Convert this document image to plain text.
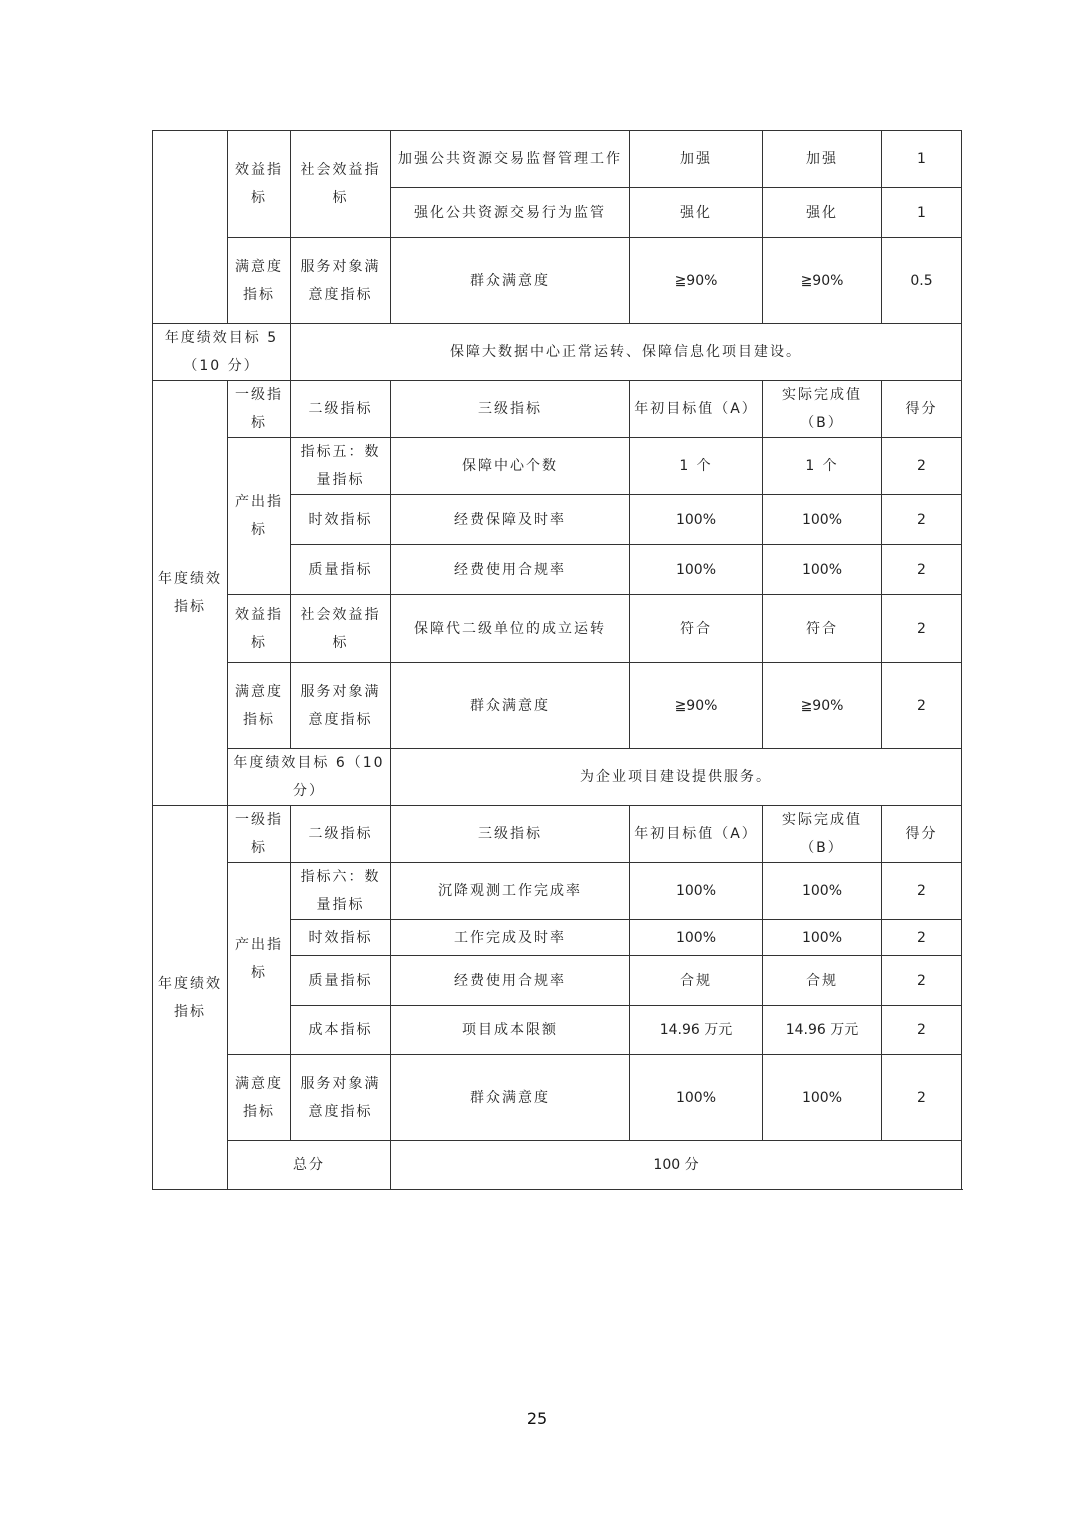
	效益指标	社会效益指标	加强公共资源交易监督管理工作	加强	加强	1
			强化公共资源交易行为监管	强化	强化	1
	满意度指标	服务对象满意度指标	群众满意度	≧90%	≧90%	0.5
年度绩效目标 5（10 分）		保障大数据中心正常运转、保障信息化项目建设。				
年度绩效指标	一级指标	二级指标	三级指标	年初目标值（A）	实际完成值（B）	得分
	产出指标	指标五：数量指标	保障中心个数	1 个	1 个	2
		时效指标	经费保障及时率	100%	100%	2
		质量指标	经费使用合规率	100%	100%	2
	效益指标	社会效益指标	保障代二级单位的成立运转	符合	符合	2
	满意度指标	服务对象满意度指标	群众满意度	≧90%	≧90%	2
	年度绩效目标 6（10 分）		为企业项目建设提供服务。			
年度绩效指标	一级指标	二级指标	三级指标	年初目标值（A）	实际完成值（B）	得分
	产出指标	指标六：数量指标	沉降观测工作完成率	100%	100%	2
		时效指标	工作完成及时率	100%	100%	2
		质量指标	经费使用合规率	合规	合规	2
		成本指标	项目成本限额	14.96 万元	14.96 万元	2
	满意度指标	服务对象满意度指标	群众满意度	100%	100%	2
	总分		100 分			
25
